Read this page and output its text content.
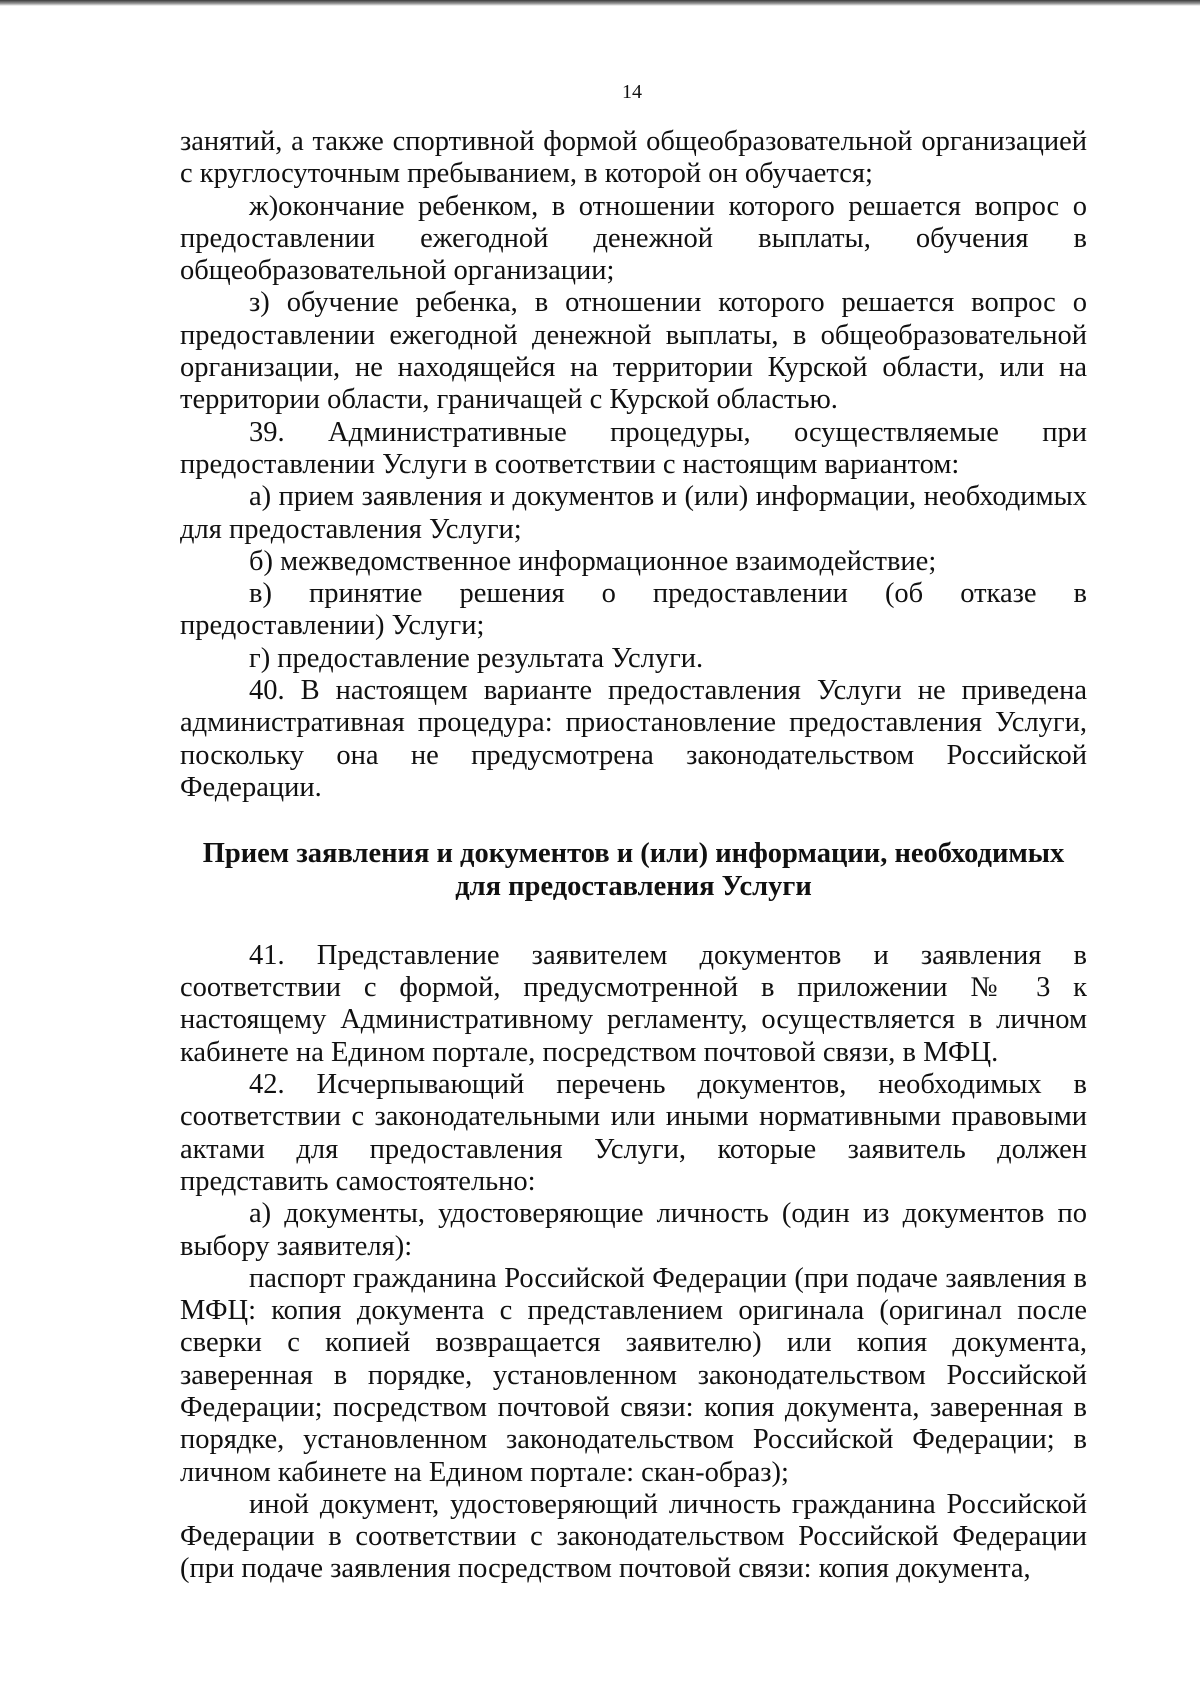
14

занятий, а также спортивной формой общеобразовательной организацией с круглосуточным пребыванием, в которой он обучается;

ж)окончание ребенком, в отношении которого решается вопрос о предоставлении ежегодной денежной выплаты, обучения в общеобразовательной организации;

з) обучение ребенка, в отношении которого решается вопрос о предоставлении ежегодной денежной выплаты, в общеобразовательной организации, не находящейся на территории Курской области, или на территории области, граничащей с Курской областью.

39. Административные процедуры, осуществляемые при предоставлении Услуги в соответствии с настоящим вариантом:

а) прием заявления и документов и (или) информации, необходимых для предоставления Услуги;

б) межведомственное информационное взаимодействие;

в) принятие решения о предоставлении (об отказе в предоставлении) Услуги;

г) предоставление результата Услуги.

40. В настоящем варианте предоставления Услуги не приведена административная процедура: приостановление предоставления Услуги, поскольку она не предусмотрена законодательством Российской Федерации.

Прием заявления и документов и (или) информации, необходимых для предоставления Услуги

41. Представление заявителем документов и заявления в соответствии с формой, предусмотренной в приложении № 3 к настоящему Административному регламенту, осуществляется в личном кабинете на Едином портале, посредством почтовой связи, в МФЦ.

42. Исчерпывающий перечень документов, необходимых в соответствии с законодательными или иными нормативными правовыми актами для предоставления Услуги, которые заявитель должен представить самостоятельно:

а) документы, удостоверяющие личность (один из документов по выбору заявителя):

паспорт гражданина Российской Федерации (при подаче заявления в МФЦ: копия документа с представлением оригинала (оригинал после сверки с копией возвращается заявителю) или копия документа, заверенная в порядке, установленном законодательством Российской Федерации; посредством почтовой связи: копия документа, заверенная в порядке, установленном законодательством Российской Федерации; в личном кабинете на Едином портале: скан-образ);

иной документ, удостоверяющий личность гражданина Российской Федерации в соответствии с законодательством Российской Федерации (при подаче заявления посредством почтовой связи: копия документа,
